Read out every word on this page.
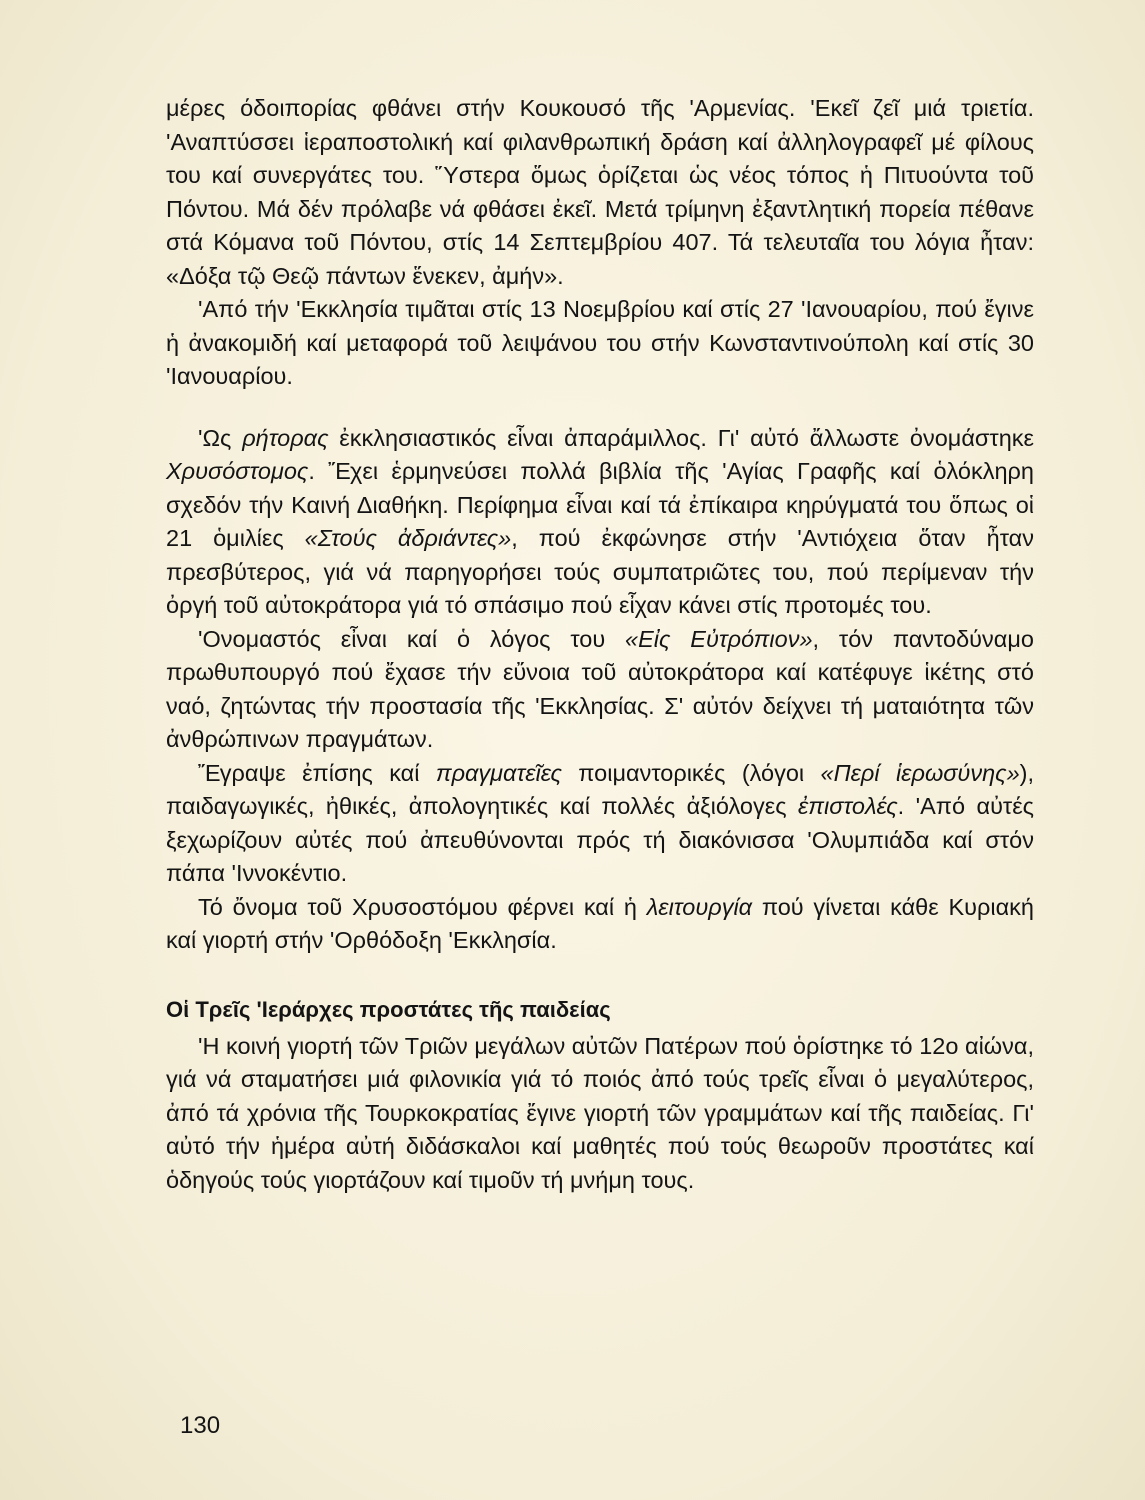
μέρες όδοιπορίας φθάνει στήν Κουκουσό τῆς 'Αρμενίας. 'Εκεῖ ζεῖ μιά τριετία. 'Αναπτύσσει ἱεραποστολική καί φιλανθρωπική δράση καί ἀλληλογραφεῖ μέ φίλους του καί συνεργάτες του. Ὕστερα ὅμως ὁρίζεται ὡς νέος τόπος ἡ Πιτυούντα τοῦ Πόντου. Μά δέν πρόλαβε νά φθάσει ἐκεῖ. Μετά τρίμηνη ἐξαντλητική πορεία πέθανε στά Κόμανα τοῦ Πόντου, στίς 14 Σεπτεμβρίου 407. Τά τελευταῖα του λόγια ἦταν: «Δόξα τῷ Θεῷ πάντων ἕνεκεν, ἀμήν».

'Από τήν 'Εκκλησία τιμᾶται στίς 13 Νοεμβρίου καί στίς 27 'Ιανουαρίου, πού ἔγινε ἡ ἀνακομιδή καί μεταφορά τοῦ λειψάνου του στήν Κωνσταντινούπολη καί στίς 30 'Ιανουαρίου.

'Ως ρήτορας ἐκκλησιαστικός εἶναι ἀπαράμιλλος. Γι' αὐτό ἄλλωστε ὀνομάστηκε Χρυσόστομος. Ἔχει ἑρμηνεύσει πολλά βιβλία τῆς 'Αγίας Γραφῆς καί ὁλόκληρη σχεδόν τήν Καινή Διαθήκη. Περίφημα εἶναι καί τά ἐπίκαιρα κηρύγματά του ὅπως οἱ 21 ὁμιλίες «Στούς ἀδριάντες», πού ἐκφώνησε στήν 'Αντιόχεια ὅταν ἦταν πρεσβύτερος, γιά νά παρηγορήσει τούς συμπατριῶτες του, πού περίμεναν τήν ὀργή τοῦ αὐτοκράτορα γιά τό σπάσιμο πού εἶχαν κάνει στίς προτομές του.

'Ονομαστός εἶναι καί ὁ λόγος του «Εἰς Εὐτρόπιον», τόν παντοδύναμο πρωθυπουργό πού ἔχασε τήν εὔνοια τοῦ αὐτοκράτορα καί κατέφυγε ἱκέτης στό ναό, ζητώντας τήν προστασία τῆς 'Εκκλησίας. Σ' αὐτόν δείχνει τή ματαιότητα τῶν ἀνθρώπινων πραγμάτων.

Ἔγραψε ἐπίσης καί πραγματεῖες ποιμαντορικές (λόγοι «Περί ἱερωσύνης»), παιδαγωγικές, ἠθικές, ἀπολογητικές καί πολλές ἀξιόλογες ἐπιστολές. 'Από αὐτές ξεχωρίζουν αὐτές πού ἀπευθύνονται πρός τή διακόνισσα 'Ολυμπιάδα καί στόν πάπα 'Ιννοκέντιο.

Τό ὄνομα τοῦ Χρυσοστόμου φέρνει καί ἡ λειτουργία πού γίνεται κάθε Κυριακή καί γιορτή στήν 'Ορθόδοξη 'Εκκλησία.

Οἱ Τρεῖς 'Ιεράρχες προστάτες τῆς παιδείας

'Η κοινή γιορτή τῶν Τριῶν μεγάλων αὐτῶν Πατέρων πού ὁρίστηκε τό 12ο αἰώνα, γιά νά σταματήσει μιά φιλονικία γιά τό ποιός ἀπό τούς τρεῖς εἶναι ὁ μεγαλύτερος, ἀπό τά χρόνια τῆς Τουρκοκρατίας ἔγινε γιορτή τῶν γραμμάτων καί τῆς παιδείας. Γι' αὐτό τήν ἡμέρα αὐτή διδάσκαλοι καί μαθητές πού τούς θεωροῦν προστάτες καί ὁδηγούς τούς γιορτάζουν καί τιμοῦν τή μνήμη τους.

130
